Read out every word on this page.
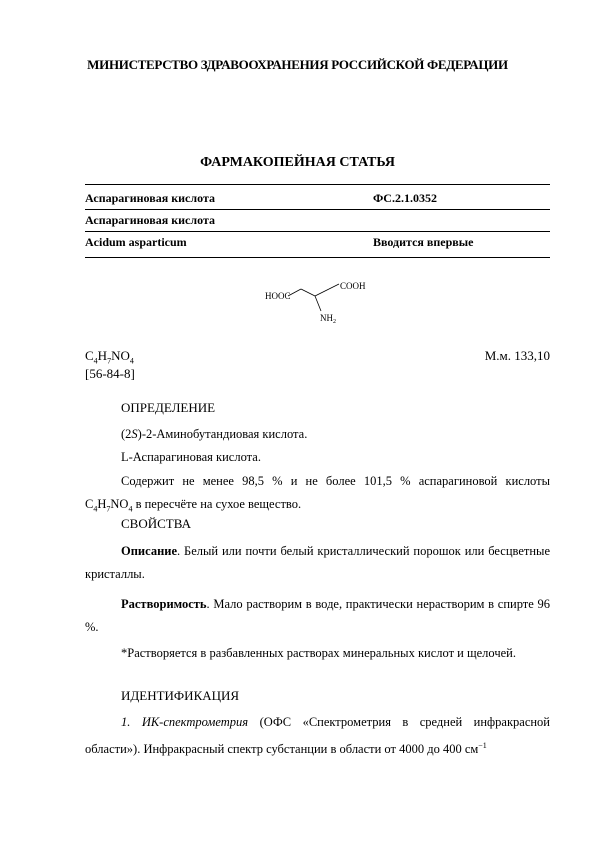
МИНИСТЕРСТВО ЗДРАВООХРАНЕНИЯ РОССИЙСКОЙ ФЕДЕРАЦИИ
ФАРМАКОПЕЙНАЯ СТАТЬЯ
Аспарагиновая кислота	ФС.2.1.0352
Аспарагиновая кислота
Acidum asparticum	Вводится впервые
HOOC
COOH
$NH_2$
$C_4H_7NO_4$	М.м. 133,10
[56-84-8]
ОПРЕДЕЛЕНИЕ
(2S)-2-Аминобутандиовая кислота.
L-Аспарагиновая кислота.
Содержит не менее 98,5 % и не более 101,5 % аспарагиновой кислоты
$C_4H_7NO_4$ в пересчёте на сухое вещество.
СВОЙСТВА
Описание. Белый или почти белый кристаллический порошок или бесцветные кристаллы.
Растворимость. Мало растворим в воде, практически нерастворим в спирте 96 %.
*Растворяется в разбавленных растворах минеральных кислот и щелочей.
ИДЕНТИФИКАЦИЯ
1. ИК-спектрометрия (ОФС «Спектрометрия в средней инфракрасной области»). Инфракрасный спектр субстанции в области от 4000 до 400 $см^{-1}$
